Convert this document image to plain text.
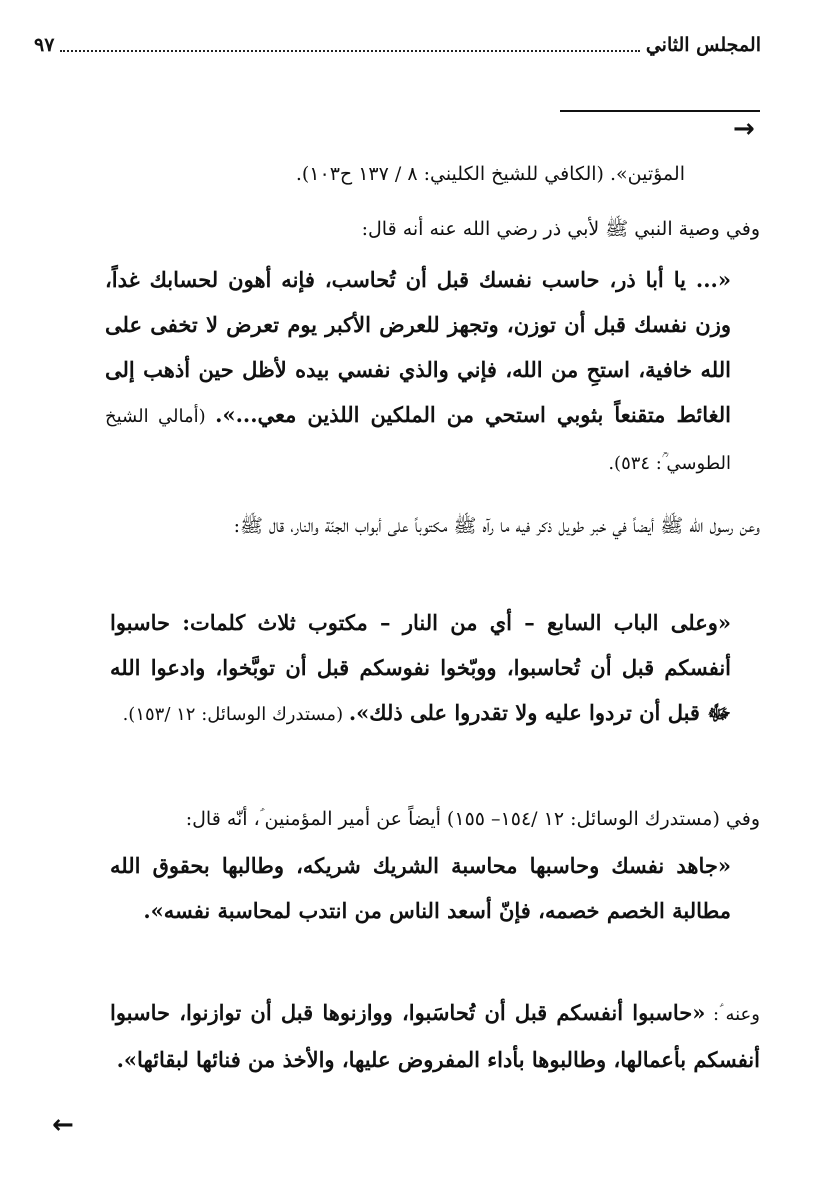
المجلس الثاني
٩٧
→

المؤتين». (الكافي للشيخ الكليني: ٨ / ١٣٧ ح١٠٣).

وفي وصية النبي ﷺ لأبي ذر رضي الله عنه أنه قال:

«... يا أبا ذر، حاسب نفسك قبل أن تُحاسب، فإنه أهون لحسابك غداً، وزن نفسك قبل أن توزن، وتجهز للعرض الأكبر يوم تعرض لا تخفى على الله خافية، استحِ من الله، فإني والذي نفسي بيده لأظل حين أذهب إلى الغائط متقنعاً بثوبي استحي من الملكين اللذين معي...». (أمالي الشيخ الطوسي ؒ: ٥٣٤).

وعن رسول الله ﷺ أيضاً في خبر طويل ذكر فيه ما رآه ﷺ مكتوباً على أبواب الجنّة والنار، قال ﷺ:

«وعلى الباب السابع – أي من النار – مكتوب ثلاث كلمات: حاسبوا أنفسكم قبل أن تُحاسبوا، ووبّخوا نفوسكم قبل أن توبَّخوا، وادعوا الله ﷻ قبل أن تردوا عليه ولا تقدروا على ذلك». (مستدرك الوسائل: ١٢ /١٥٣).

وفي (مستدرك الوسائل: ١٢ /١٥٤– ١٥٥) أيضاً عن أمير المؤمنين ؑ، أنّه قال:

«جاهد نفسك وحاسبها محاسبة الشريك شريكه، وطالبها بحقوق الله مطالبة الخصم خصمه، فإنّ أسعد الناس من انتدب لمحاسبة نفسه».

وعنه ؑ: «حاسبوا أنفسكم قبل أن تُحاسَبوا، ووازنوها قبل أن توازنوا، حاسبوا أنفسكم بأعمالها، وطالبوها بأداء المفروض عليها، والأخذ من فنائها لبقائها».

←
